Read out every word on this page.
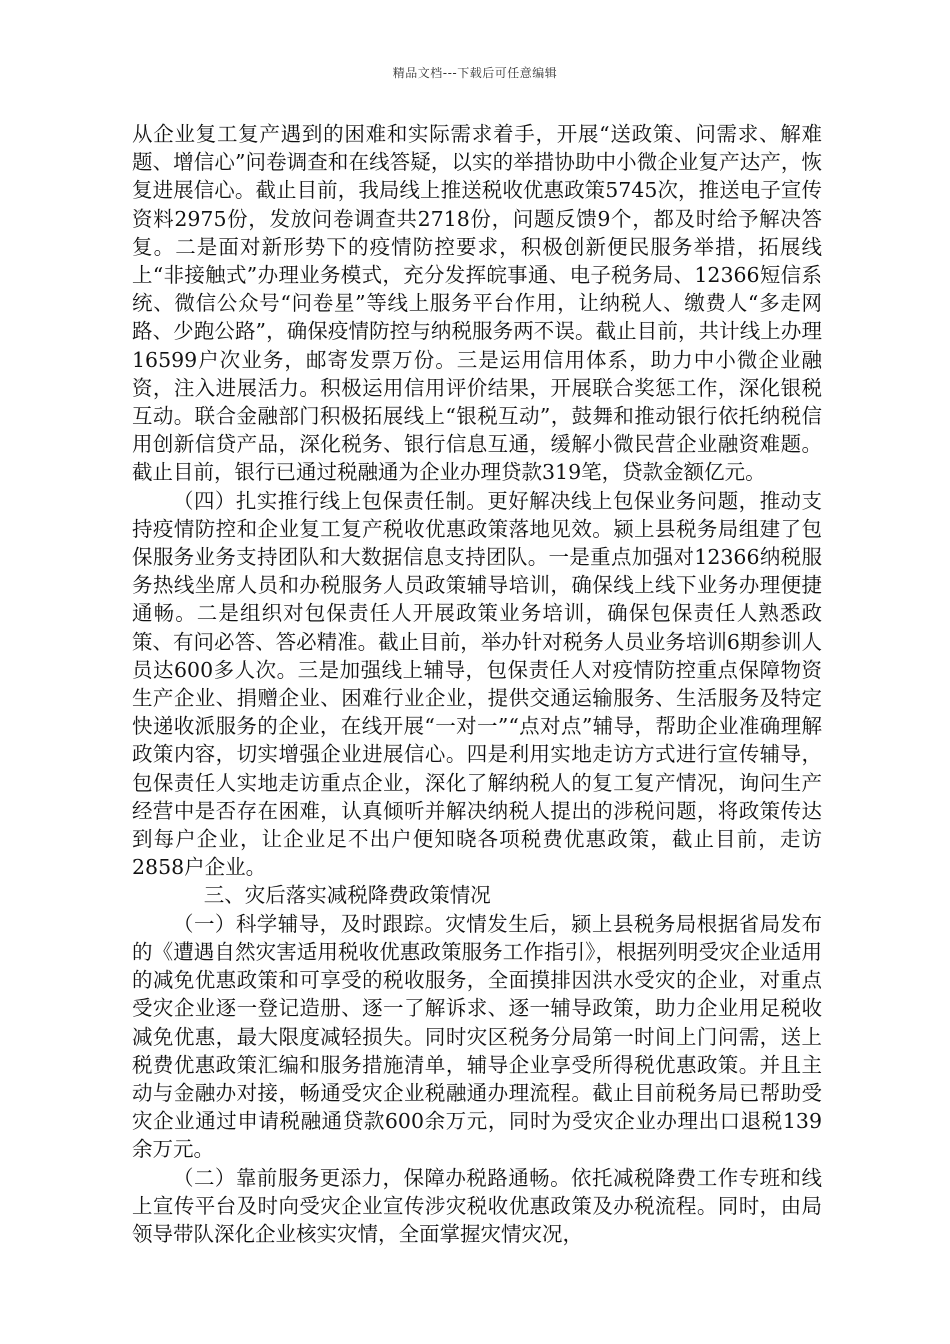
精品文档---下载后可任意编辑

从企业复工复产遇到的困难和实际需求着手，开展“送政策、问需求、解难题、增信心”问卷调查和在线答疑，以实的举措协助中小微企业复产达产，恢复进展信心。截止目前，我局线上推送税收优惠政策5745次，推送电子宣传资料2975份，发放问卷调查共2718份，问题反馈9个，都及时给予解决答复。二是面对新形势下的疫情防控要求，积极创新便民服务举措，拓展线上“非接触式”办理业务模式，充分发挥皖事通、电子税务局、12366短信系统、微信公众号“问卷星”等线上服务平台作用，让纳税人、缴费人“多走网路、少跑公路”，确保疫情防控与纳税服务两不误。截止目前，共计线上办理16599户次业务，邮寄发票万份。三是运用信用体系，助力中小微企业融资，注入进展活力。积极运用信用评价结果，开展联合奖惩工作，深化银税互动。联合金融部门积极拓展线上“银税互动”，鼓舞和推动银行依托纳税信用创新信贷产品，深化税务、银行信息互通，缓解小微民营企业融资难题。截止目前，银行已通过税融通为企业办理贷款319笔，贷款金额亿元。

（四）扎实推行线上包保责任制。更好解决线上包保业务问题，推动支持疫情防控和企业复工复产税收优惠政策落地见效。颍上县税务局组建了包保服务业务支持团队和大数据信息支持团队。一是重点加强对12366纳税服务热线坐席人员和办税服务人员政策辅导培训，确保线上线下业务办理便捷通畅。二是组织对包保责任人开展政策业务培训，确保包保责任人熟悉政策、有问必答、答必精准。截止目前，举办针对税务人员业务培训6期参训人员达600多人次。三是加强线上辅导，包保责任人对疫情防控重点保障物资生产企业、捐赠企业、困难行业企业，提供交通运输服务、生活服务及特定快递收派服务的企业，在线开展“一对一”“点对点”辅导，帮助企业准确理解政策内容，切实增强企业进展信心。四是利用实地走访方式进行宣传辅导，包保责任人实地走访重点企业，深化了解纳税人的复工复产情况，询问生产经营中是否存在困难，认真倾听并解决纳税人提出的涉税问题，将政策传达到每户企业，让企业足不出户便知晓各项税费优惠政策，截止目前，走访2858户企业。

三、灾后落实减税降费政策情况

（一）科学辅导，及时跟踪。灾情发生后，颍上县税务局根据省局发布的《遭遇自然灾害适用税收优惠政策服务工作指引》，根据列明受灾企业适用的减免优惠政策和可享受的税收服务，全面摸排因洪水受灾的企业，对重点受灾企业逐一登记造册、逐一了解诉求、逐一辅导政策，助力企业用足税收减免优惠，最大限度减轻损失。同时灾区税务分局第一时间上门问需，送上税费优惠政策汇编和服务措施清单，辅导企业享受所得税优惠政策。并且主动与金融办对接，畅通受灾企业税融通办理流程。截止目前税务局已帮助受灾企业通过申请税融通贷款600余万元，同时为受灾企业办理出口退税139余万元。

（二）靠前服务更添力，保障办税路通畅。依托减税降费工作专班和线上宣传平台及时向受灾企业宣传涉灾税收优惠政策及办税流程。同时，由局领导带队深化企业核实灾情，全面掌握灾情灾况，
